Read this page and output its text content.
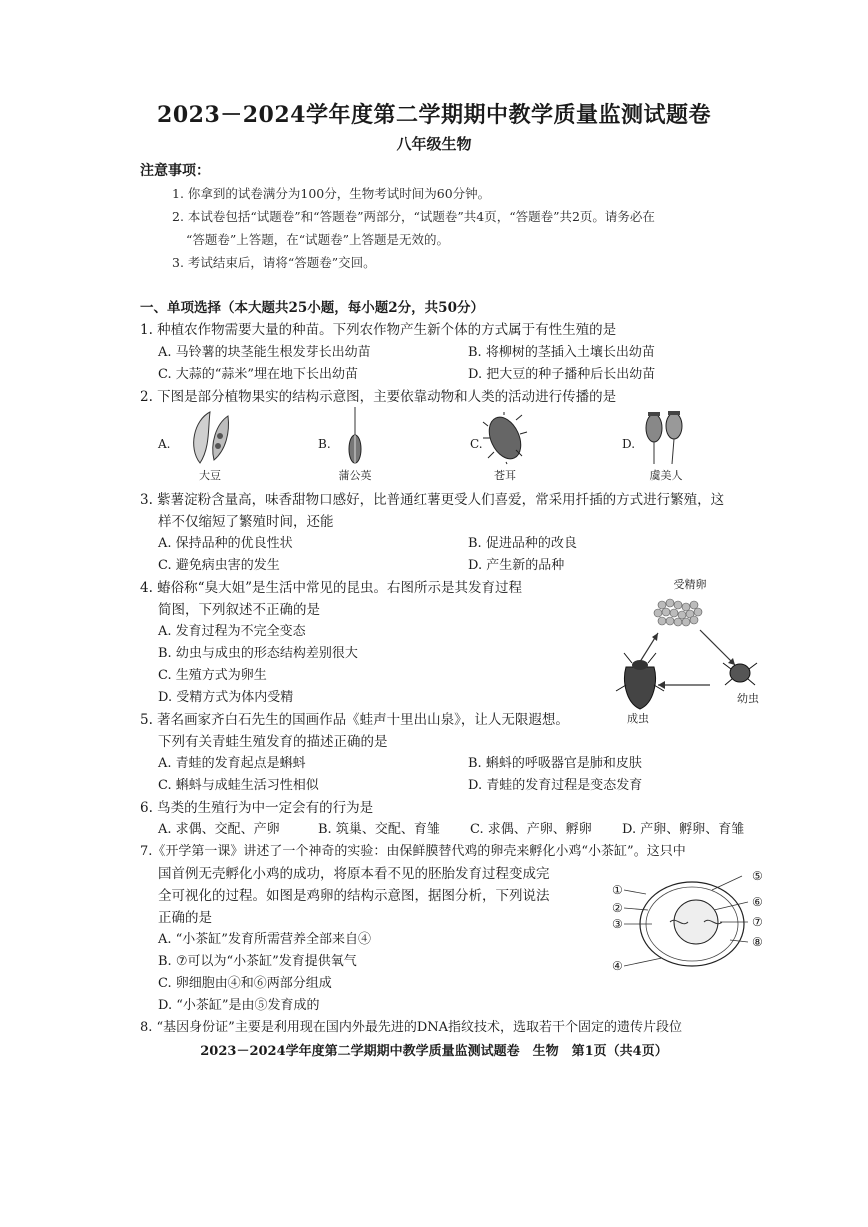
2023－2024学年度第二学期期中教学质量监测试题卷
八年级生物
注意事项：
1. 你拿到的试卷满分为100分，生物考试时间为60分钟。
2. 本试卷包括“试题卷”和“答题卷”两部分，“试题卷”共4页，“答题卷”共2页。请务必在
“答题卷”上答题，在“试题卷”上答题是无效的。
3. 考试结束后，请将“答题卷”交回。
一、单项选择（本大题共25小题，每小题2分，共50分）
1. 种植农作物需要大量的种苗。下列农作物产生新个体的方式属于有性生殖的是
A. 马铃薯的块茎能生根发芽长出幼苗	B. 将柳树的茎插入土壤长出幼苗
C. 大蒜的“蒜米”埋在地下长出幼苗	D. 把大豆的种子播种后长出幼苗
2. 下图是部分植物果实的结构示意图，主要依靠动物和人类的活动进行传播的是
A.	B.	C.	D.
大豆	蒲公英	苍耳	虞美人
3. 紫薯淀粉含量高，味香甜物口感好，比普通红薯更受人们喜爱，常采用扦插的方式进行繁殖，这
样不仅缩短了繁殖时间，还能
A. 保持品种的优良性状	B. 促进品种的改良
C. 避免病虫害的发生	D. 产生新的品种
4. 蝽俗称“臭大姐”是生活中常见的昆虫。右图所示是其发育过程
简图，下列叙述不正确的是
A. 发育过程为不完全变态
B. 幼虫与成虫的形态结构差别很大
C. 生殖方式为卵生
D. 受精方式为体内受精
受精卵
成虫
幼虫
5. 著名画家齐白石先生的国画作品《蛙声十里出山泉》，让人无限遐想。
下列有关青蛙生殖发育的描述正确的是
A. 青蛙的发育起点是蝌蚪	B. 蝌蚪的呼吸器官是肺和皮肤
C. 蝌蚪与成蛙生活习性相似	D. 青蛙的发育过程是变态发育
6. 鸟类的生殖行为中一定会有的行为是
A. 求偶、交配、产卵	B. 筑巢、交配、育雏 C. 求偶、产卵、孵卵 D. 产卵、孵卵、育雏
7.《开学第一课》讲述了一个神奇的实验：由保鲜膜替代鸡的卵壳来孵化小鸡“小茶缸”。这只中
国首例无壳孵化小鸡的成功，将原本看不见的胚胎发育过程变成完
全可视化的过程。如图是鸡卵的结构示意图，据图分析，下列说法
正确的是
A. “小茶缸”发育所需营养全部来自④
B. ⑦可以为“小茶缸”发育提供氧气
C. 卵细胞由④和⑥两部分组成
D. “小茶缸”是由⑤发育成的
①
②
③
④
⑤
⑥
⑦
⑧
8. “基因身份证”主要是利用现在国内外最先进的DNA指纹技术，选取若干个固定的遗传片段位
2023－2024学年度第二学期期中教学质量监测试题卷　生物　第1页（共4页）
